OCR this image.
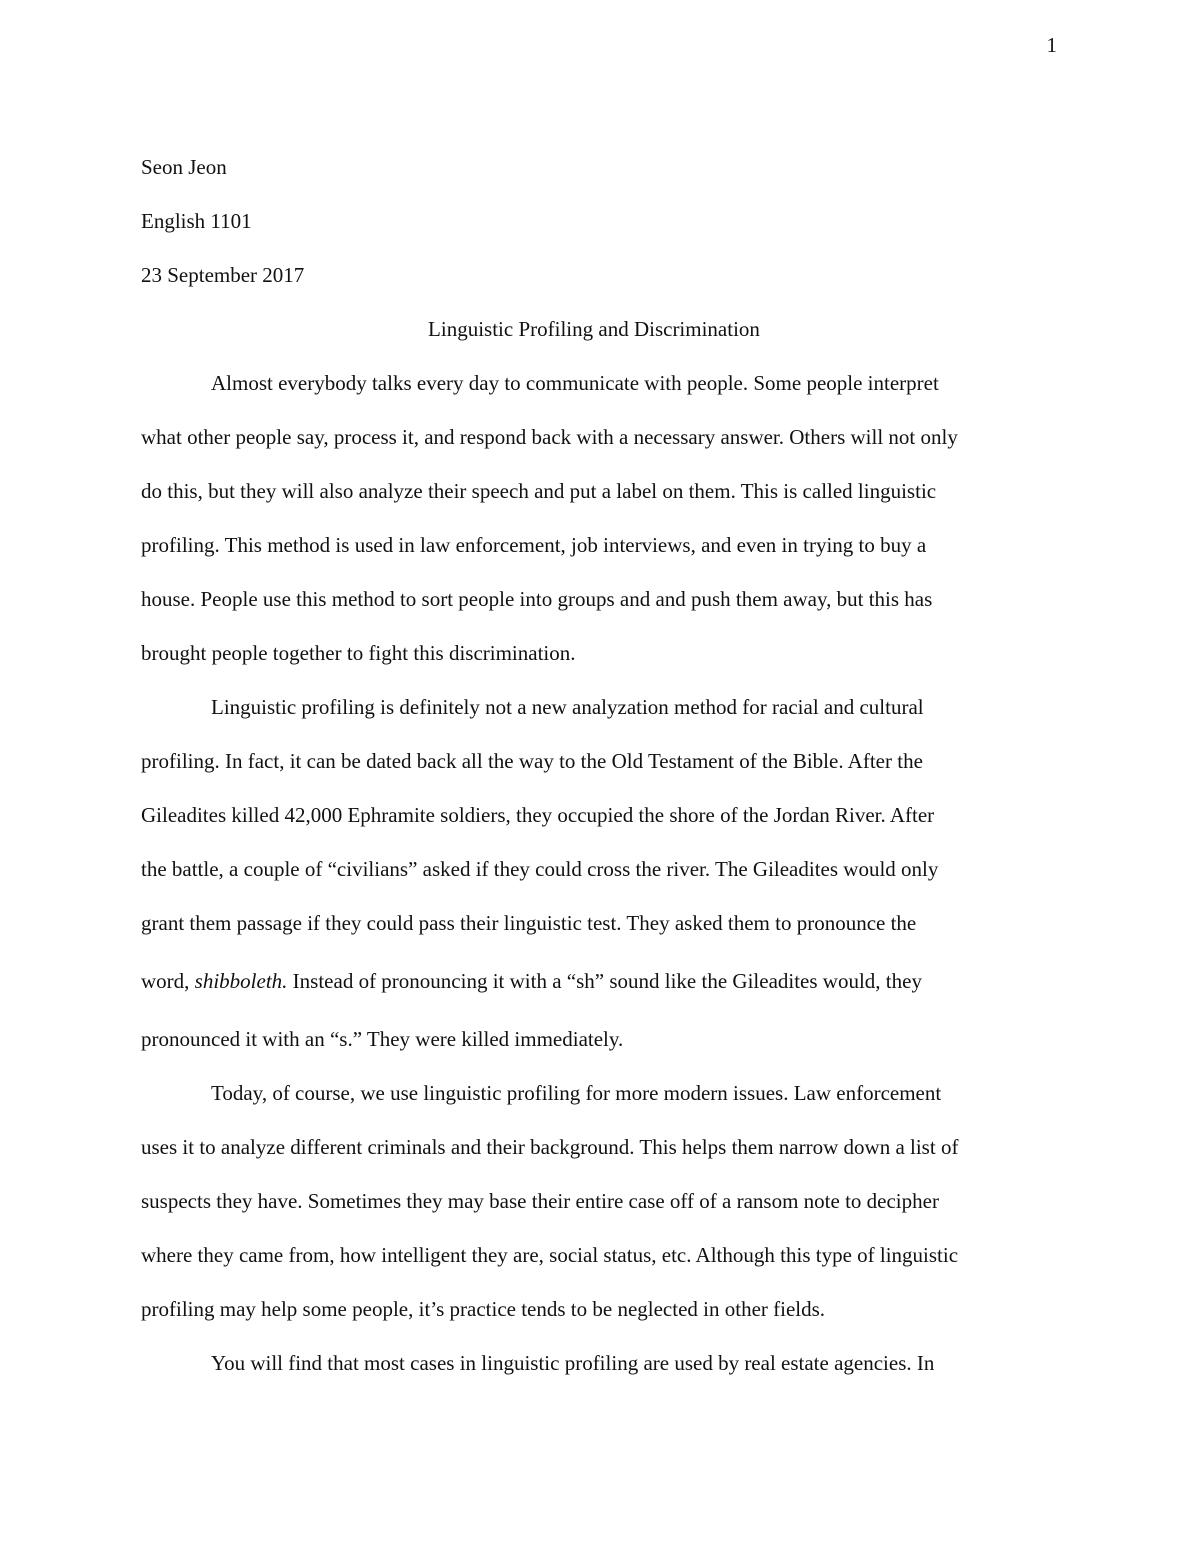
1
Seon Jeon
English 1101
23 September 2017
Linguistic Profiling and Discrimination
Almost everybody talks every day to communicate with people. Some people interpret
what other people say, process it, and respond back with a necessary answer. Others will not only
do this, but they will also analyze their speech and put a label on them. This is called linguistic
profiling. This method is used in law enforcement, job interviews, and even in trying to buy a
house. People use this method to sort people into groups and and push them away, but this has
brought people together to fight this discrimination.
Linguistic profiling is definitely not a new analyzation method for racial and cultural
profiling. In fact, it can be dated back all the way to the Old Testament of the Bible. After the
Gileadites killed 42,000 Ephramite soldiers, they occupied the shore of the Jordan River. After
the battle, a couple of “civilians” asked if they could cross the river. The Gileadites would only
grant them passage if they could pass their linguistic test. They asked them to pronounce the
word, shibboleth. Instead of pronouncing it with a “sh” sound like the Gileadites would, they
pronounced it with an “s.” They were killed immediately.
Today, of course, we use linguistic profiling for more modern issues. Law enforcement
uses it to analyze different criminals and their background. This helps them narrow down a list of
suspects they have. Sometimes they may base their entire case off of a ransom note to decipher
where they came from, how intelligent they are, social status, etc. Although this type of linguistic
profiling may help some people, it’s practice tends to be neglected in other fields.
You will find that most cases in linguistic profiling are used by real estate agencies. In
